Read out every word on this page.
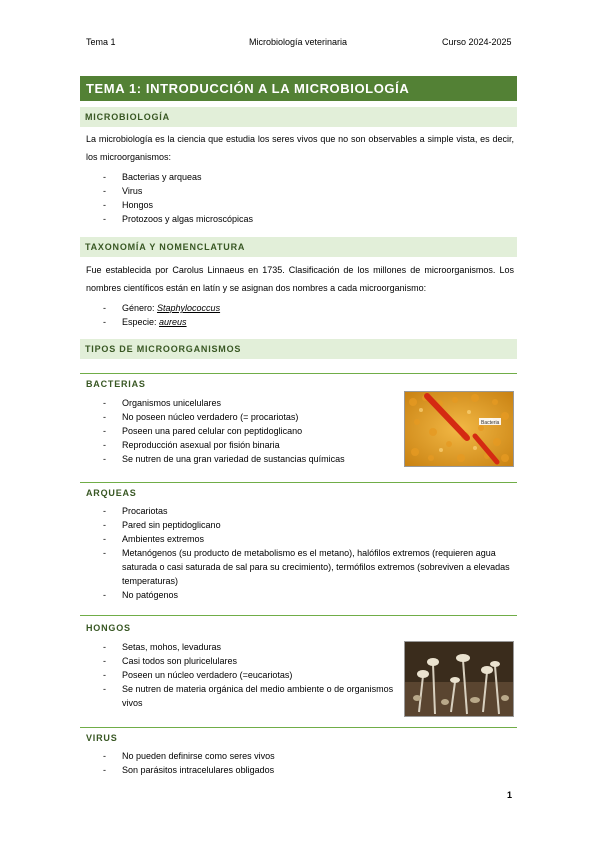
Tema 1	Microbiología veterinaria	Curso 2024-2025
TEMA 1: INTRODUCCIÓN A LA MICROBIOLOGÍA
MICROBIOLOGÍA
La microbiología es la ciencia que estudia los seres vivos que no son observables a simple vista, es decir, los microorganismos:
- Bacterias y arqueas
- Virus
- Hongos
- Protozoos y algas microscópicas
TAXONOMÍA Y NOMENCLATURA
Fue establecida por Carolus Linnaeus en 1735. Clasificación de los millones de microorganismos. Los nombres científicos están en latín y se asignan dos nombres a cada microorganismo:
- Género: Staphylococcus
- Especie: aureus
TIPOS DE MICROORGANISMOS
BACTERIAS
- Organismos unicelulares
- No poseen núcleo verdadero (= procariotas)
- Poseen una pared celular con peptidoglicano
- Reproducción asexual por fisión binaria
- Se nutren de una gran variedad de sustancias químicas
Bacteria
ARQUEAS
- Procariotas
- Pared sin peptidoglicano
- Ambientes extremos
- Metanógenos (su producto de metabolismo es el metano), halófilos extremos (requieren agua saturada o casi saturada de sal para su crecimiento), termófilos extremos (sobreviven a elevadas temperaturas)
- No patógenos
HONGOS
- Setas, mohos, levaduras
- Casi todos son pluricelulares
- Poseen un núcleo verdadero (=eucariotas)
- Se nutren de materia orgánica del medio ambiente o de organismos vivos
VIRUS
- No pueden definirse como seres vivos
- Son parásitos intracelulares obligados
1
